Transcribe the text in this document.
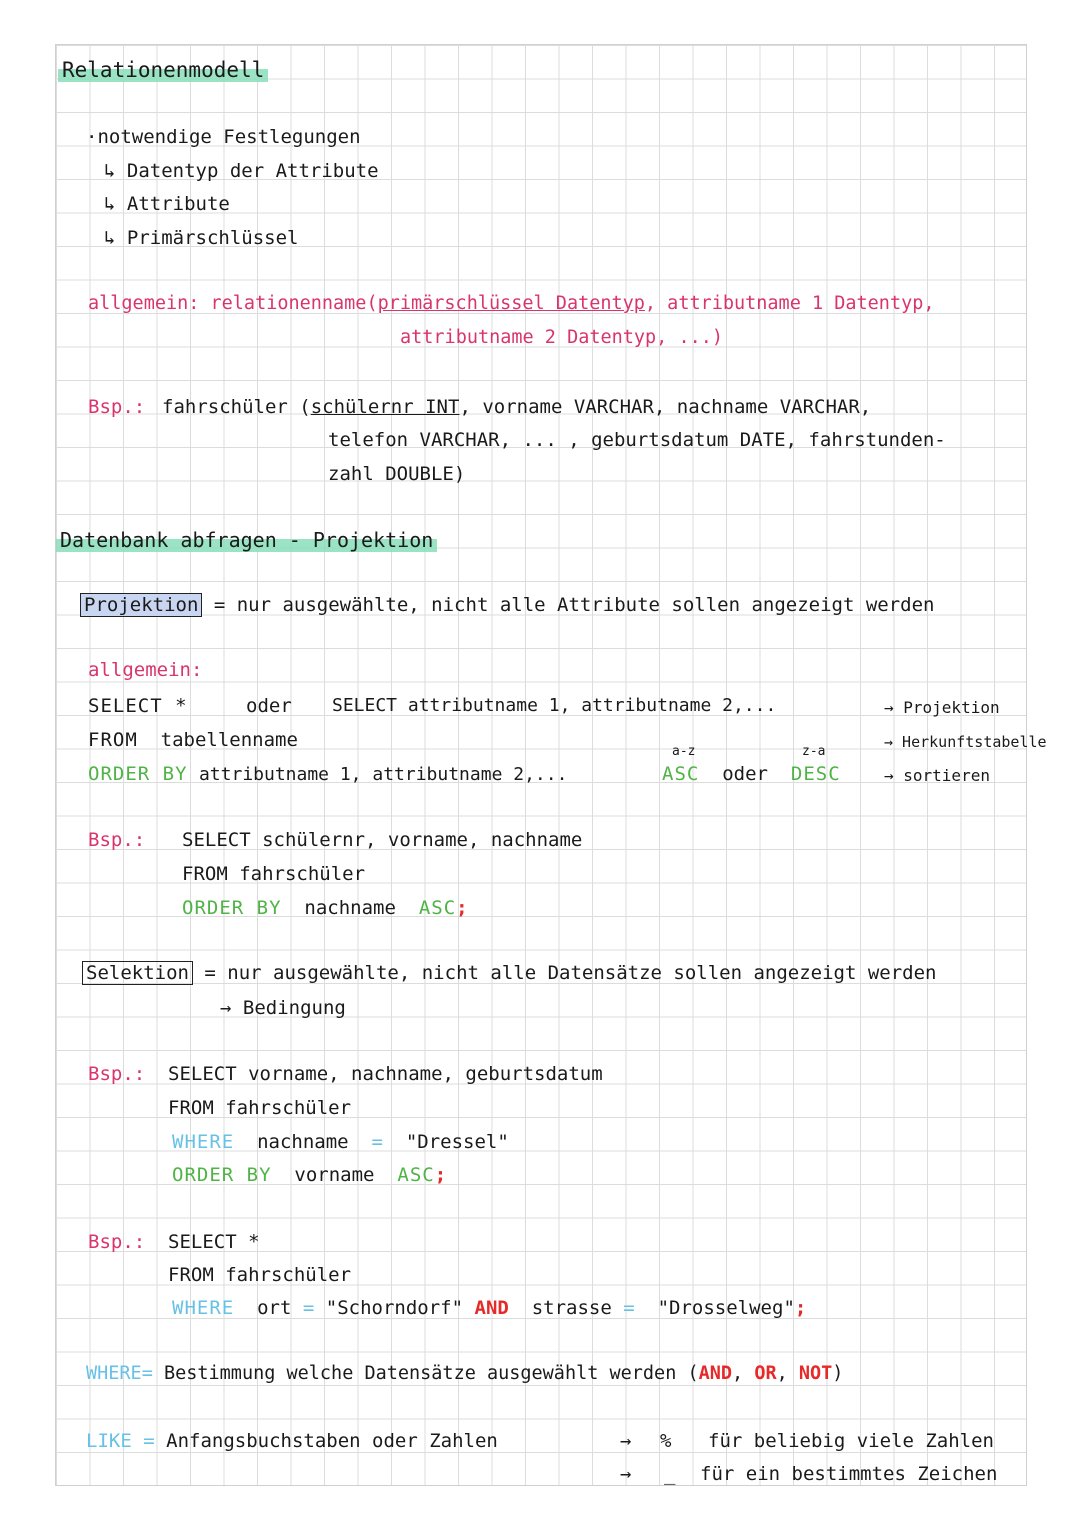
Relationenmodell
·notwendige Festlegungen
↳ Datentyp der Attribute
↳ Attribute
↳ Primärschlüssel
allgemein: relationenname(primärschlüssel Datentyp, attributname 1 Datentyp,
attributname 2 Datentyp, ...)
Bsp.: fahrschüler (schülernr INT, vorname VARCHAR, nachname VARCHAR,
telefon VARCHAR, ... , geburtsdatum DATE, fahrstunden-
zahl DOUBLE)
Datenbank abfragen - Projektion
Projektion = nur ausgewählte, nicht alle Attribute sollen angezeigt werden
allgemein:
SELECT *	oder SELECT attributname 1, attributname 2,...	→ Projektion
FROM tabellenname
a-z	z-a
→ Herkunftstabelle
ORDER BY attributname 1, attributname 2,...	ASC oder DESC	→ sortieren
Bsp.: SELECT schülernr, vorname, nachname
FROM fahrschüler
ORDER BY nachname ASC;
Selektion = nur ausgewählte, nicht alle Datensätze sollen angezeigt werden
→ Bedingung
Bsp.: SELECT vorname, nachname, geburtsdatum
FROM fahrschüler
WHERE nachname = "Dressel"
ORDER BY vorname ASC;
Bsp.: SELECT *
FROM fahrschüler
WHERE ort = "Schorndorf" AND strasse = "Drosselweg";
WHERE= Bestimmung welche Datensätze ausgewählt werden (AND, OR, NOT)
LIKE = Anfangsbuchstaben oder Zahlen	→ % für beliebig viele Zahlen
→ _ für ein bestimmtes Zeichen
